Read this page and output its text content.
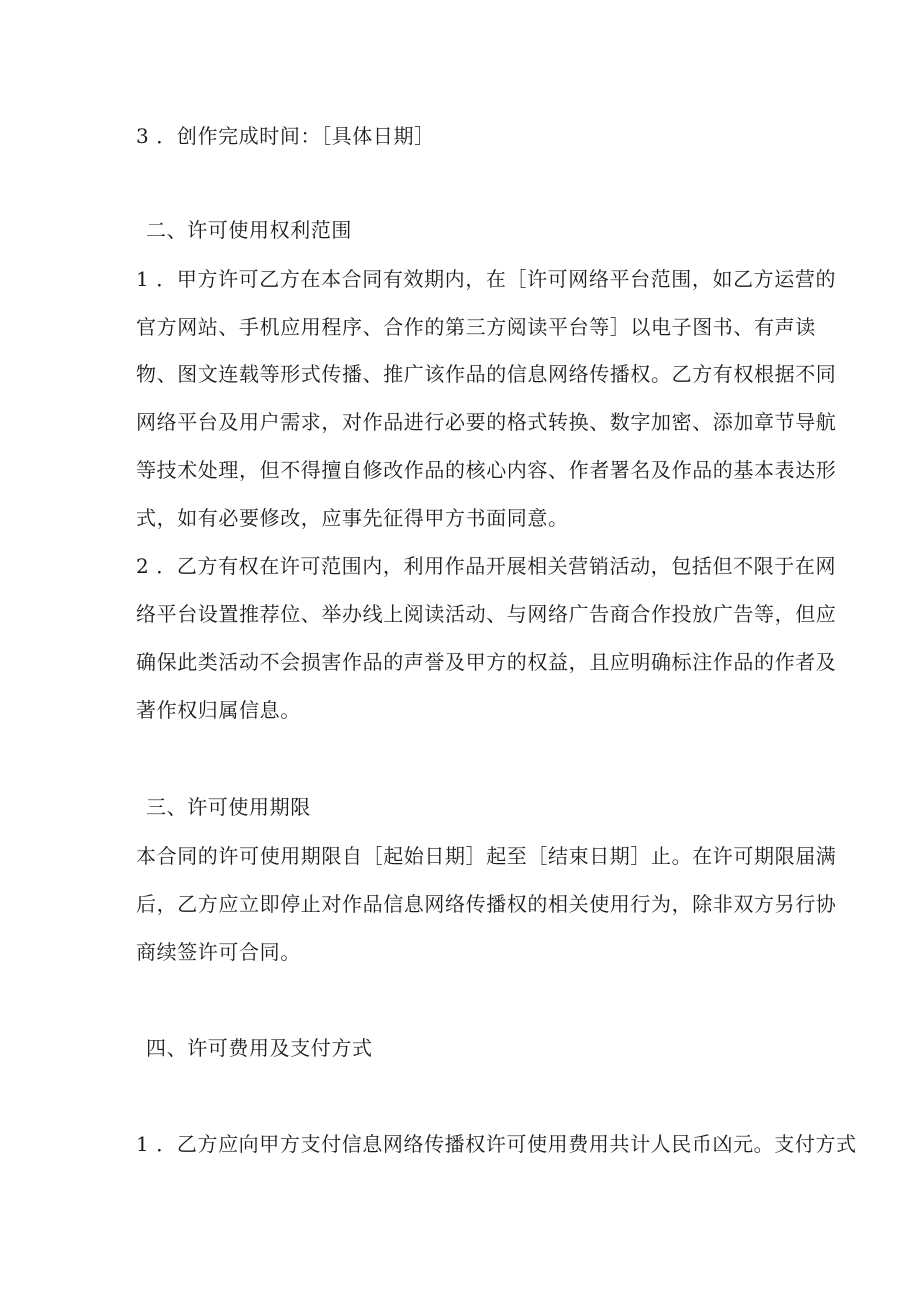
3 ．创作完成时间：［具体日期］
二、许可使用权利范围
1 ．甲方许可乙方在本合同有效期内，在［许可网络平台范围，如乙方运营的
官方网站、手机应用程序、合作的第三方阅读平台等］以电子图书、有声读
物、图文连载等形式传播、推广该作品的信息网络传播权。乙方有权根据不同
网络平台及用户需求，对作品进行必要的格式转换、数字加密、添加章节导航
等技术处理，但不得擅自修改作品的核心内容、作者署名及作品的基本表达形
式，如有必要修改，应事先征得甲方书面同意。
2 ．乙方有权在许可范围内，利用作品开展相关营销活动，包括但不限于在网
络平台设置推荐位、举办线上阅读活动、与网络广告商合作投放广告等，但应
确保此类活动不会损害作品的声誉及甲方的权益，且应明确标注作品的作者及
著作权归属信息。
三、许可使用期限
本合同的许可使用期限自［起始日期］起至［结束日期］止。在许可期限届满
后，乙方应立即停止对作品信息网络传播权的相关使用行为，除非双方另行协
商续签许可合同。
四、许可费用及支付方式
1 ．乙方应向甲方支付信息网络传播权许可使用费用共计人民币凶元。支付方式
